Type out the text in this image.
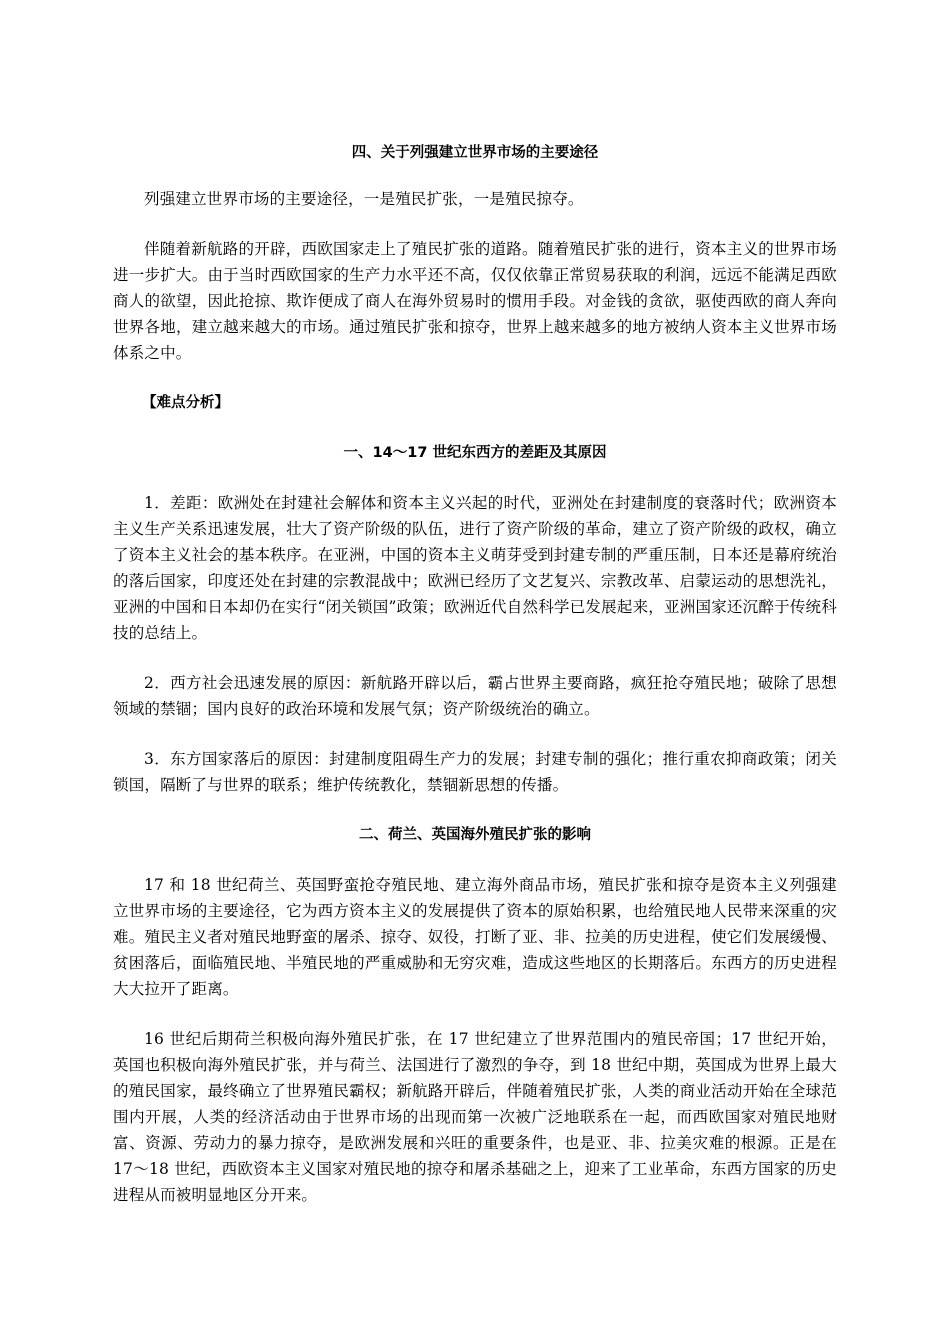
四、关于列强建立世界市场的主要途径

列强建立世界市场的主要途径，一是殖民扩张，一是殖民掠夺。

伴随着新航路的开辟，西欧国家走上了殖民扩张的道路。随着殖民扩张的进行，资本主义的世界市场进一步扩大。由于当时西欧国家的生产力水平还不高，仅仅依靠正常贸易获取的利润，远远不能满足西欧商人的欲望，因此抢掠、欺诈便成了商人在海外贸易时的惯用手段。对金钱的贪欲，驱使西欧的商人奔向世界各地，建立越来越大的市场。通过殖民扩张和掠夺，世界上越来越多的地方被纳人资本主义世界市场体系之中。

【难点分析】

一、14～17 世纪东西方的差距及其原因

1．差距：欧洲处在封建社会解体和资本主义兴起的时代，亚洲处在封建制度的衰落时代；欧洲资本主义生产关系迅速发展，壮大了资产阶级的队伍，进行了资产阶级的革命，建立了资产阶级的政权，确立了资本主义社会的基本秩序。在亚洲，中国的资本主义萌芽受到封建专制的严重压制，日本还是幕府统治的落后国家，印度还处在封建的宗教混战中；欧洲已经历了文艺复兴、宗教改革、启蒙运动的思想洗礼，亚洲的中国和日本却仍在实行“闭关锁国”政策；欧洲近代自然科学已发展起来，亚洲国家还沉醉于传统科技的总结上。

2．西方社会迅速发展的原因：新航路开辟以后，霸占世界主要商路，疯狂抢夺殖民地；破除了思想领域的禁锢；国内良好的政治环境和发展气氛；资产阶级统治的确立。

3．东方国家落后的原因：封建制度阻碍生产力的发展；封建专制的强化；推行重农抑商政策；闭关锁国，隔断了与世界的联系；维护传统教化，禁锢新思想的传播。

二、荷兰、英国海外殖民扩张的影响

17 和 18 世纪荷兰、英国野蛮抢夺殖民地、建立海外商品市场，殖民扩张和掠夺是资本主义列强建立世界市场的主要途径，它为西方资本主义的发展提供了资本的原始积累，也给殖民地人民带来深重的灾难。殖民主义者对殖民地野蛮的屠杀、掠夺、奴役，打断了亚、非、拉美的历史进程，使它们发展缓慢、贫困落后，面临殖民地、半殖民地的严重威胁和无穷灾难，造成这些地区的长期落后。东西方的历史进程大大拉开了距离。

16 世纪后期荷兰积极向海外殖民扩张，在 17 世纪建立了世界范围内的殖民帝国；17 世纪开始，英国也积极向海外殖民扩张，并与荷兰、法国进行了激烈的争夺，到 18 世纪中期，英国成为世界上最大的殖民国家，最终确立了世界殖民霸权；新航路开辟后，伴随着殖民扩张，人类的商业活动开始在全球范围内开展，人类的经济活动由于世界市场的出现而第一次被广泛地联系在一起，而西欧国家对殖民地财富、资源、劳动力的暴力掠夺，是欧洲发展和兴旺的重要条件，也是亚、非、拉美灾难的根源。正是在 17～18 世纪，西欧资本主义国家对殖民地的掠夺和屠杀基础之上，迎来了工业革命，东西方国家的历史进程从而被明显地区分开来。
